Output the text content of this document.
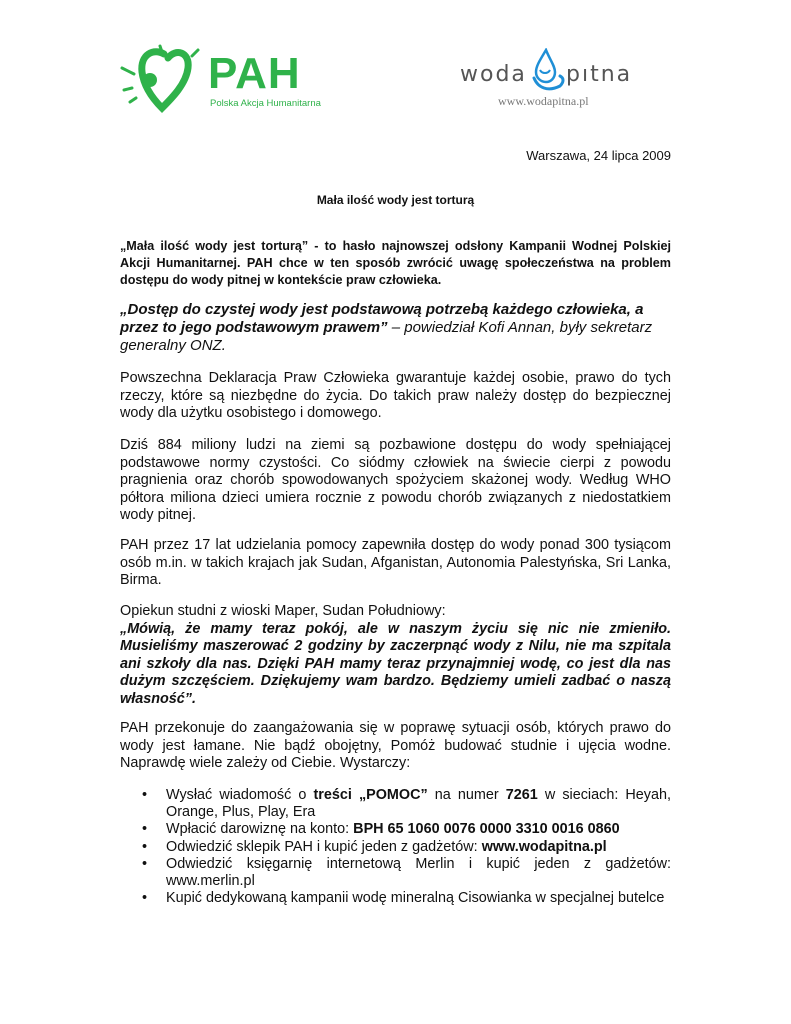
PAH
Polska Akcja Humanitarna
woda pıtna
www.wodapitna.pl
Warszawa, 24 lipca 2009
Mała ilość wody jest torturą
„Mała ilość wody jest torturą” - to hasło najnowszej odsłony Kampanii Wodnej Polskiej Akcji Humanitarnej. PAH chce w ten sposób zwrócić uwagę społeczeństwa na problem dostępu do wody pitnej w kontekście praw człowieka.
„Dostęp do czystej wody jest podstawową potrzebą każdego człowieka, a przez to jego podstawowym prawem” – powiedział Kofi Annan, były sekretarz generalny ONZ.
Powszechna Deklaracja Praw Człowieka gwarantuje każdej osobie, prawo do tych rzeczy, które są niezbędne do życia. Do takich praw należy dostęp do bezpiecznej wody dla użytku osobistego i domowego.
Dziś 884 miliony ludzi na ziemi są pozbawione dostępu do wody spełniającej podstawowe normy czystości. Co siódmy człowiek na świecie cierpi z powodu pragnienia oraz chorób spowodowanych spożyciem skażonej wody. Według WHO półtora miliona dzieci umiera rocznie z powodu chorób związanych z niedostatkiem wody pitnej.
PAH przez 17 lat udzielania pomocy zapewniła dostęp do wody ponad 300 tysiącom osób m.in. w takich krajach jak Sudan, Afganistan, Autonomia Palestyńska, Sri Lanka, Birma.
Opiekun studni z wioski Maper, Sudan Południowy:
„Mówią, że mamy teraz pokój, ale w naszym życiu się nic nie zmieniło. Musieliśmy maszerować 2 godziny by zaczerpnąć wody z Nilu, nie ma szpitala ani szkoły dla nas. Dzięki PAH mamy teraz przynajmniej wodę, co jest dla nas dużym szczęściem. Dziękujemy wam bardzo. Będziemy umieli zadbać o naszą własność”.
PAH przekonuje do zaangażowania się w poprawę sytuacji osób, których prawo do wody jest łamane. Nie bądź obojętny, Pomóż budować studnie i ujęcia wodne. Naprawdę wiele zależy od Ciebie. Wystarczy:
• Wysłać wiadomość o treści „POMOC” na numer 7261 w sieciach: Heyah, Orange, Plus, Play, Era
• Wpłacić darowiznę na konto: BPH 65 1060 0076 0000 3310 0016 0860
• Odwiedzić sklepik PAH i kupić jeden z gadżetów: www.wodapitna.pl
• Odwiedzić księgarnię internetową Merlin i kupić jeden z gadżetów: www.merlin.pl
• Kupić dedykowaną kampanii wodę mineralną Cisowianka w specjalnej butelce
